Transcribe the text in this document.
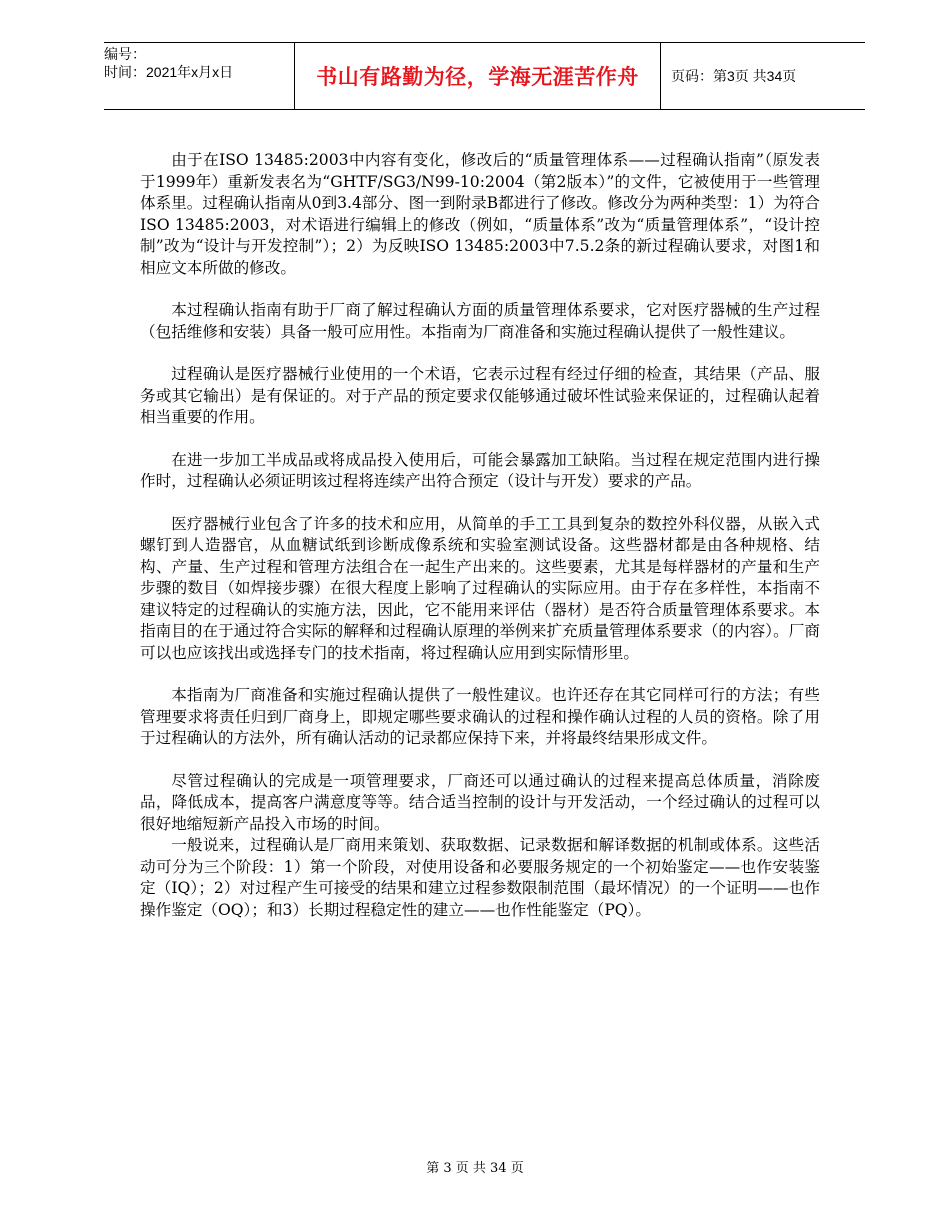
编号：
时间：2021年x月x日	书山有路勤为径，学海无涯苦作舟	页码：第3页 共34页

由于在ISO 13485:2003中内容有变化，修改后的“质量管理体系——过程确认指南”（原发表于1999年）重新发表名为“GHTF/SG3/N99-10:2004（第2版本）”的文件，它被使用于一些管理体系里。过程确认指南从0到3.4部分、图一到附录B都进行了修改。修改分为两种类型：1）为符合ISO 13485:2003，对术语进行编辑上的修改（例如，“质量体系”改为“质量管理体系”，“设计控制”改为“设计与开发控制”）；2）为反映ISO 13485:2003中7.5.2条的新过程确认要求，对图1和相应文本所做的修改。

本过程确认指南有助于厂商了解过程确认方面的质量管理体系要求，它对医疗器械的生产过程（包括维修和安装）具备一般可应用性。本指南为厂商准备和实施过程确认提供了一般性建议。

过程确认是医疗器械行业使用的一个术语，它表示过程有经过仔细的检查，其结果（产品、服务或其它输出）是有保证的。对于产品的预定要求仅能够通过破坏性试验来保证的，过程确认起着相当重要的作用。

在进一步加工半成品或将成品投入使用后，可能会暴露加工缺陷。当过程在规定范围内进行操作时，过程确认必须证明该过程将连续产出符合预定（设计与开发）要求的产品。

医疗器械行业包含了许多的技术和应用，从简单的手工工具到复杂的数控外科仪器，从嵌入式螺钉到人造器官，从血糖试纸到诊断成像系统和实验室测试设备。这些器材都是由各种规格、结构、产量、生产过程和管理方法组合在一起生产出来的。这些要素，尤其是每样器材的产量和生产步骤的数目（如焊接步骤）在很大程度上影响了过程确认的实际应用。由于存在多样性，本指南不建议特定的过程确认的实施方法，因此，它不能用来评估（器材）是否符合质量管理体系要求。本指南目的在于通过符合实际的解释和过程确认原理的举例来扩充质量管理体系要求（的内容）。厂商可以也应该找出或选择专门的技术指南，将过程确认应用到实际情形里。

本指南为厂商准备和实施过程确认提供了一般性建议。也许还存在其它同样可行的方法；有些管理要求将责任归到厂商身上，即规定哪些要求确认的过程和操作确认过程的人员的资格。除了用于过程确认的方法外，所有确认活动的记录都应保持下来，并将最终结果形成文件。

尽管过程确认的完成是一项管理要求，厂商还可以通过确认的过程来提高总体质量，消除废品，降低成本，提高客户满意度等等。结合适当控制的设计与开发活动，一个经过确认的过程可以很好地缩短新产品投入市场的时间。

一般说来，过程确认是厂商用来策划、获取数据、记录数据和解译数据的机制或体系。这些活动可分为三个阶段：1）第一个阶段，对使用设备和必要服务规定的一个初始鉴定——也作安装鉴定（IQ）；2）对过程产生可接受的结果和建立过程参数限制范围（最坏情况）的一个证明——也作操作鉴定（OQ）；和3）长期过程稳定性的建立——也作性能鉴定（PQ）。

第 3 页 共 34 页
